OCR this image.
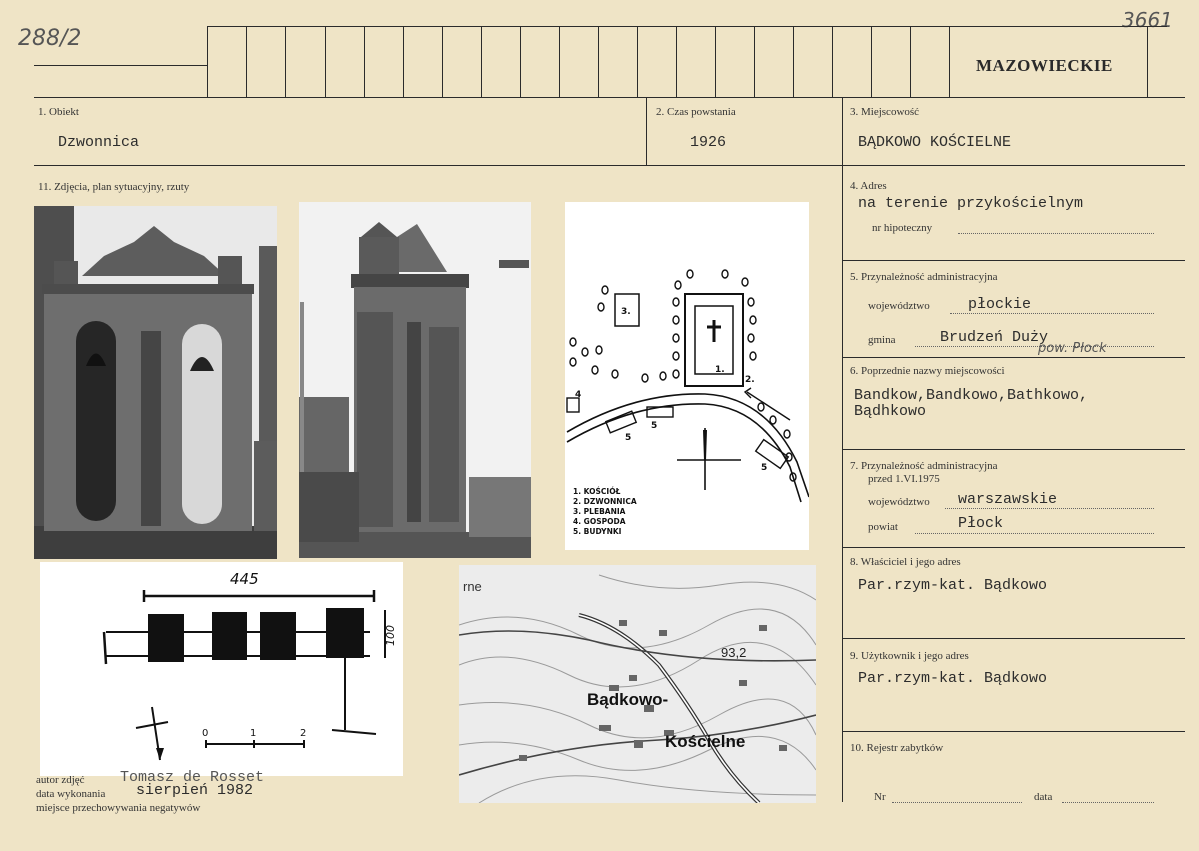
288/2
3661
MAZOWIECKIE
1. Obiekt
Dzwonnica
2. Czas powstania
1926
3. Miejscowość
BĄDKOWO KOŚCIELNE
11. Zdjęcia, plan sytuacyjny, rzuty	4. Adres
na terenie przykościelnym
nr hipoteczny
5. Przynależność administracyjna
województwo	płockie
gmina	Brudzeń Duży
pow. Płock
6. Poprzednie nazwy miejscowości
Bandkow,Bandkowo,Bathkowo,
Bądhkowo
7. Przynależność administracyjna
przed 1.VI.1975
województwo warszawskie
powiat	Płock
8. Właściciel i jego adres
Par.rzym-kat. Bądkowo
9. Użytkownik i jego adres
Par.rzym-kat. Bądkowo
10. Rejestr zabytków
Nr	data
1.
2.
3.
4
5
5
5
1. KOŚCIÓŁ
2. DZWONNICA
3. PLEBANIA
4. GOSPODA
5. BUDYNKI
445
100
0	1	2
rne
93,2
Bądkowo-
Kościelne
autor zdjęć Tomasz de Rosset
data wykonania sierpień 1982
miejsce przechowywania negatywów
